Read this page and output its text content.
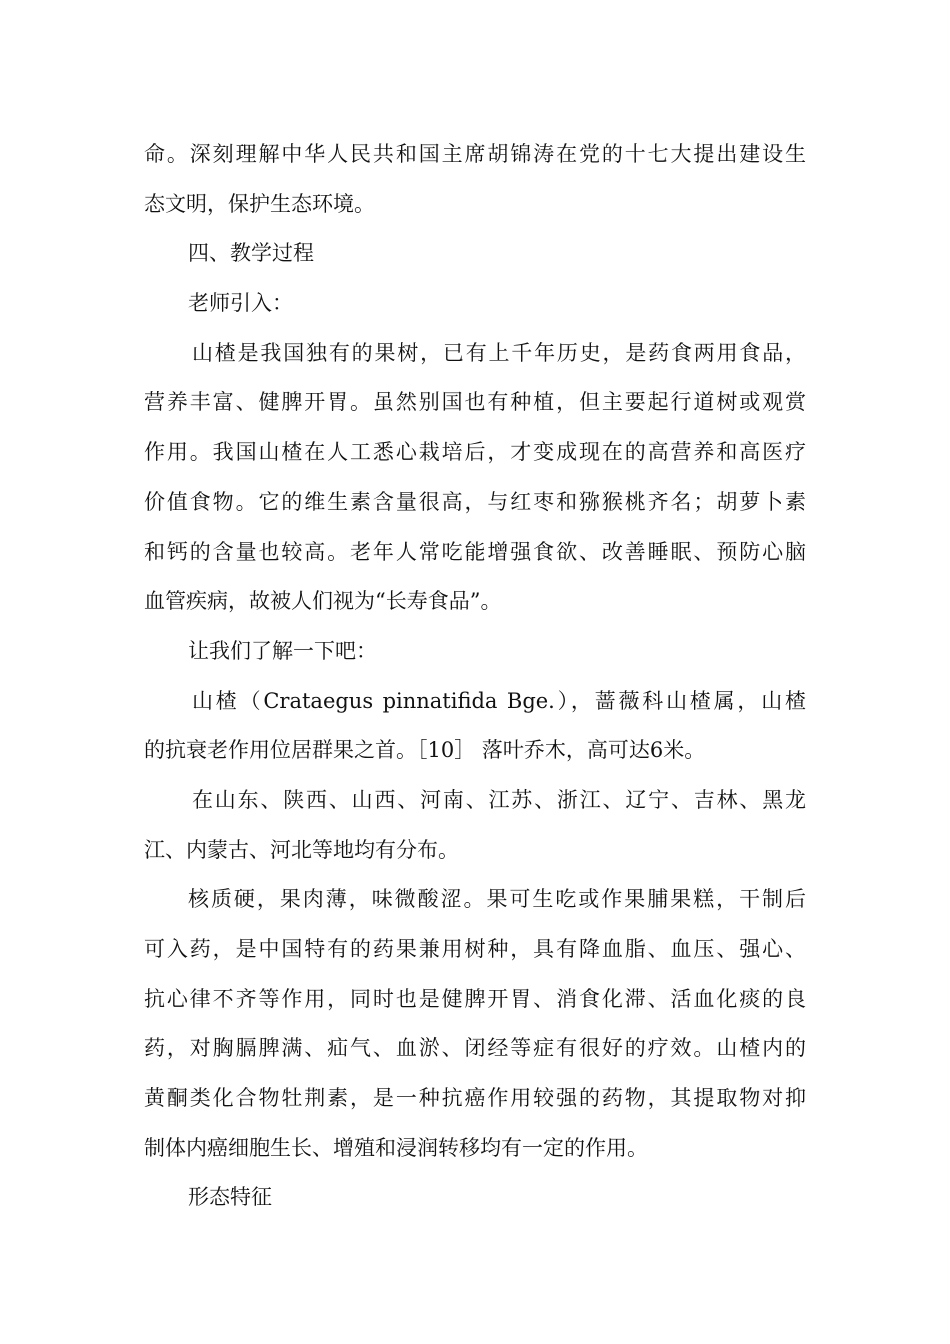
命。深刻理解中华人民共和国主席胡锦涛在党的十七大提出建设生
态文明，保护生态环境。
四、教学过程
老师引入：
山楂是我国独有的果树，已有上千年历史，是药食两用食品，
营养丰富、健脾开胃。虽然别国也有种植，但主要起行道树或观赏
作用。我国山楂在人工悉心栽培后，才变成现在的高营养和高医疗
价值食物。它的维生素含量很高，与红枣和猕猴桃齐名；胡萝卜素
和钙的含量也较高。老年人常吃能增强食欲、改善睡眠、预防心脑
血管疾病，故被人们视为“长寿食品”。
让我们了解一下吧：
山楂（Crataegus pinnatifida Bge.），蔷薇科山楂属，山楂
的抗衰老作用位居群果之首。［10］ 落叶乔木，高可达6米。
在山东、陕西、山西、河南、江苏、浙江、辽宁、吉林、黑龙
江、内蒙古、河北等地均有分布。
核质硬，果肉薄，味微酸涩。果可生吃或作果脯果糕，干制后
可入药，是中国特有的药果兼用树种，具有降血脂、血压、强心、
抗心律不齐等作用，同时也是健脾开胃、消食化滞、活血化痰的良
药，对胸膈脾满、疝气、血淤、闭经等症有很好的疗效。山楂内的
黄酮类化合物牡荆素，是一种抗癌作用较强的药物，其提取物对抑
制体内癌细胞生长、增殖和浸润转移均有一定的作用。
形态特征
